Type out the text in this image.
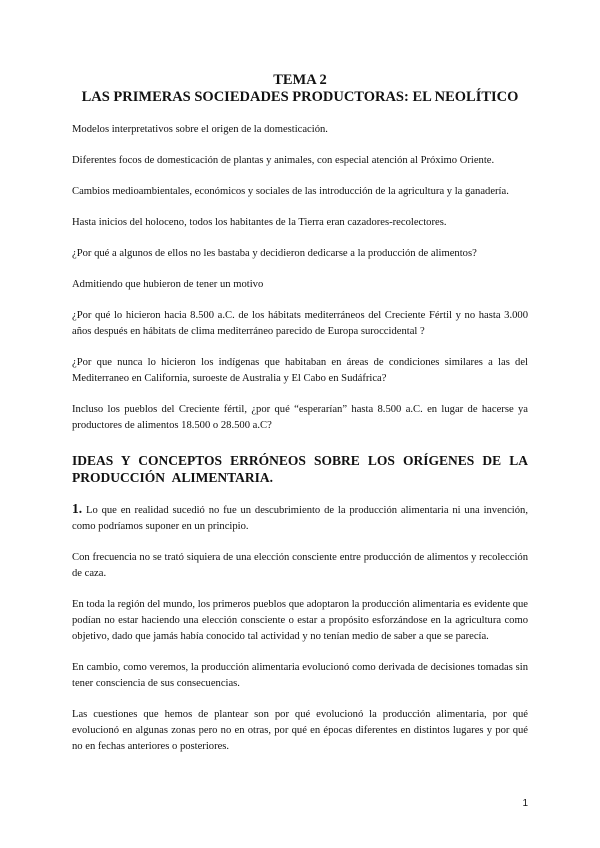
TEMA 2
LAS PRIMERAS SOCIEDADES PRODUCTORAS: EL NEOLÍTICO

Modelos interpretativos sobre el origen de la domesticación.

Diferentes focos de domesticación de plantas y animales, con especial atención al Próximo Oriente.

Cambios medioambientales, económicos y sociales de las introducción de la agricultura y la ganadería.

Hasta inicios del holoceno, todos los habitantes de la Tierra eran cazadores-recolectores.

¿Por qué a algunos de ellos no les bastaba y decidieron dedicarse a la producción de alimentos?

Admitiendo que hubieron de tener un motivo

¿Por qué lo hicieron hacia 8.500 a.C. de los hábitats mediterráneos del Creciente Fértil y no hasta 3.000 años después en hábitats de clima mediterráneo parecido de Europa suroccidental ?

¿Por que nunca lo hicieron los indígenas que habitaban en áreas de condiciones similares a las del Mediterraneo en California, suroeste de Australia y El Cabo en Sudáfrica?

Incluso los pueblos del Creciente fértil, ¿por qué “esperarían” hasta 8.500 a.C. en lugar de hacerse ya productores de alimentos 18.500 o 28.500 a.C?

IDEAS Y CONCEPTOS ERRÓNEOS SOBRE LOS ORÍGENES DE LA PRODUCCIÓN ALIMENTARIA.

1. Lo que en realidad sucedió no fue un descubrimiento de la producción alimentaria ni una invención, como podríamos suponer en un principio.

Con frecuencia no se trató siquiera de una elección consciente entre producción de alimentos y recolección de caza.

En toda la región del mundo, los primeros pueblos que adoptaron la producción alimentaria es evidente que podían no estar haciendo una elección consciente o estar a propósito esforzándose en la agricultura como objetivo, dado que jamás había conocido tal actividad y no tenían medio de saber a que se parecía.

En cambio, como veremos, la producción alimentaria evolucionó como derivada de decisiones tomadas sin tener consciencia de sus consecuencias.

Las cuestiones que hemos de plantear son por qué evolucionó la producción alimentaria, por qué evolucionó en algunas zonas pero no en otras, por qué en épocas diferentes en distintos lugares y por qué no en fechas anteriores o posteriores.

1
